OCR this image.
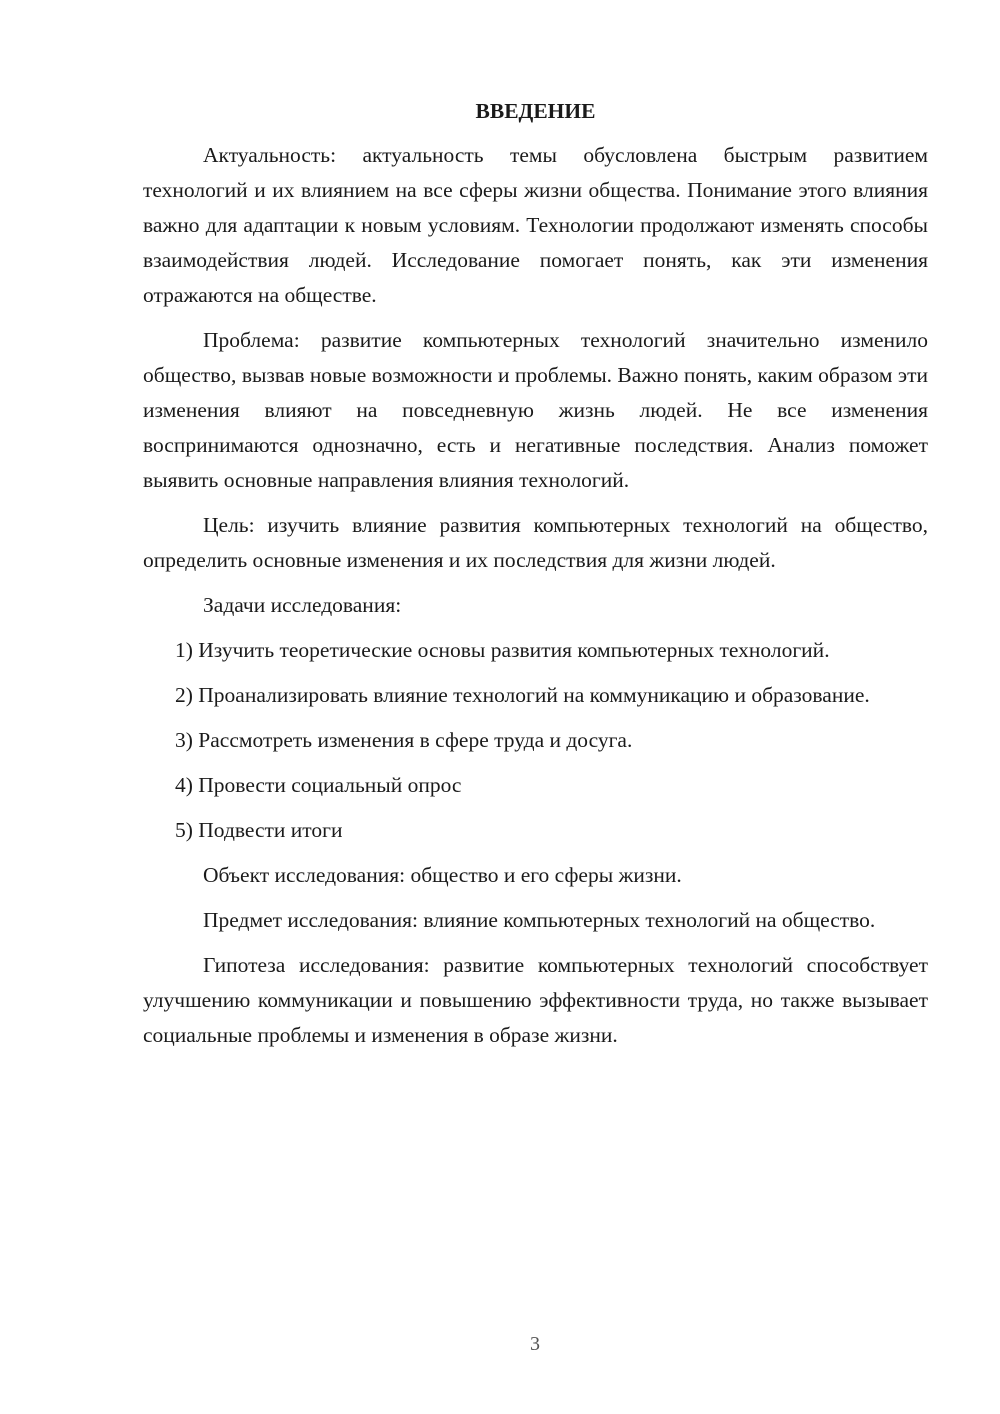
ВВЕДЕНИЕ

Актуальность: актуальность темы обусловлена быстрым развитием технологий и их влиянием на все сферы жизни общества. Понимание этого влияния важно для адаптации к новым условиям. Технологии продолжают изменять способы взаимодействия людей. Исследование помогает понять, как эти изменения отражаются на обществе.

Проблема: развитие компьютерных технологий значительно изменило общество, вызвав новые возможности и проблемы. Важно понять, каким образом эти изменения влияют на повседневную жизнь людей. Не все изменения воспринимаются однозначно, есть и негативные последствия. Анализ поможет выявить основные направления влияния технологий.

Цель: изучить влияние развития компьютерных технологий на общество, определить основные изменения и их последствия для жизни людей.

Задачи исследования:

1) Изучить теоретические основы развития компьютерных технологий.

2) Проанализировать влияние технологий на коммуникацию и образование.

3) Рассмотреть изменения в сфере труда и досуга.

4) Провести социальный опрос

5) Подвести итоги

Объект исследования: общество и его сферы жизни.

Предмет исследования: влияние компьютерных технологий на общество.

Гипотеза исследования: развитие компьютерных технологий способствует улучшению коммуникации и повышению эффективности труда, но также вызывает социальные проблемы и изменения в образе жизни.

3
